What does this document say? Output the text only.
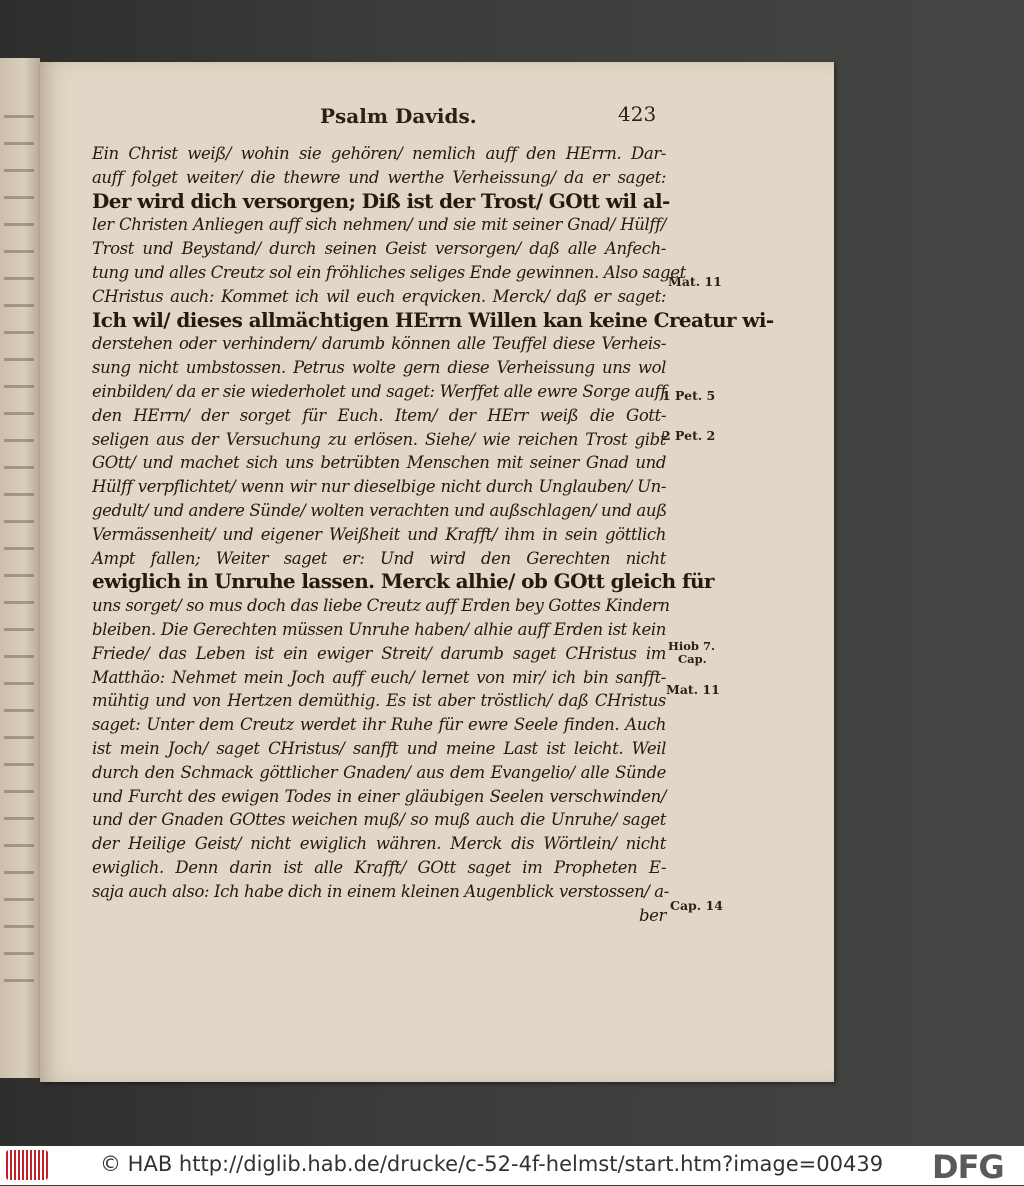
Psalm Davids.	423
Ein Christ weiß/ wohin sie gehören/ nemlich auff den HErrn. Dar-
auff folget weiter/ die thewre und werthe Verheissung/ da er saget:
Der wird dich versorgen; Diß ist der Trost/ GOtt wil al-
ler Christen Anliegen auff sich nehmen/ und sie mit seiner Gnad/ Hülff/
Trost und Beystand/ durch seinen Geist versorgen/ daß alle Anfech-
tung und alles Creutz sol ein fröhliches seliges Ende gewinnen. Also saget
CHristus auch: Kommet ich wil euch erqvicken. Merck/ daß er saget:
Ich wil/ dieses allmächtigen HErrn Willen kan keine Creatur wi-
derstehen oder verhindern/ darumb können alle Teuffel diese Verheis-
sung nicht umbstossen. Petrus wolte gern diese Verheissung uns wol
einbilden/ da er sie wiederholet und saget: Werffet alle ewre Sorge auff
den HErrn/ der sorget für Euch. Item/ der HErr weiß die Gott-
seligen aus der Versuchung zu erlösen. Siehe/ wie reichen Trost gibt
GOtt/ und machet sich uns betrübten Menschen mit seiner Gnad und
Hülff verpflichtet/ wenn wir nur dieselbige nicht durch Unglauben/ Un-
gedult/ und andere Sünde/ wolten verachten und außschlagen/ und auß
Vermässenheit/ und eigener Weißheit und Krafft/ ihm in sein göttlich
Ampt fallen; Weiter saget er: Und wird den Gerechten nicht
ewiglich in Unruhe lassen. Merck alhie/ ob GOtt gleich für
uns sorget/ so mus doch das liebe Creutz auff Erden bey Gottes Kindern
bleiben. Die Gerechten müssen Unruhe haben/ alhie auff Erden ist kein
Friede/ das Leben ist ein ewiger Streit/ darumb saget CHristus im
Matthäo: Nehmet mein Joch auff euch/ lernet von mir/ ich bin sanfft-
mühtig und von Hertzen demüthig. Es ist aber tröstlich/ daß CHristus
saget: Unter dem Creutz werdet ihr Ruhe für ewre Seele finden. Auch
ist mein Joch/ saget CHristus/ sanfft und meine Last ist leicht. Weil
durch den Schmack göttlicher Gnaden/ aus dem Evangelio/ alle Sünde
und Furcht des ewigen Todes in einer gläubigen Seelen verschwinden/
und der Gnaden GOttes weichen muß/ so muß auch die Unruhe/ saget
der Heilige Geist/ nicht ewiglich währen. Merck dis Wörtlein/ nicht
ewiglich. Denn darin ist alle Krafft/ GOtt saget im Propheten E-
saja auch also: Ich habe dich in einem kleinen Augenblick verstossen/ a-
ber
Mat. 11
1 Pet. 5
2 Pet. 2
Hiob 7.
Cap.
Mat. 11
Cap. 14
© HAB http://diglib.hab.de/drucke/c-52-4f-helmst/start.htm?image=00439 DFG
